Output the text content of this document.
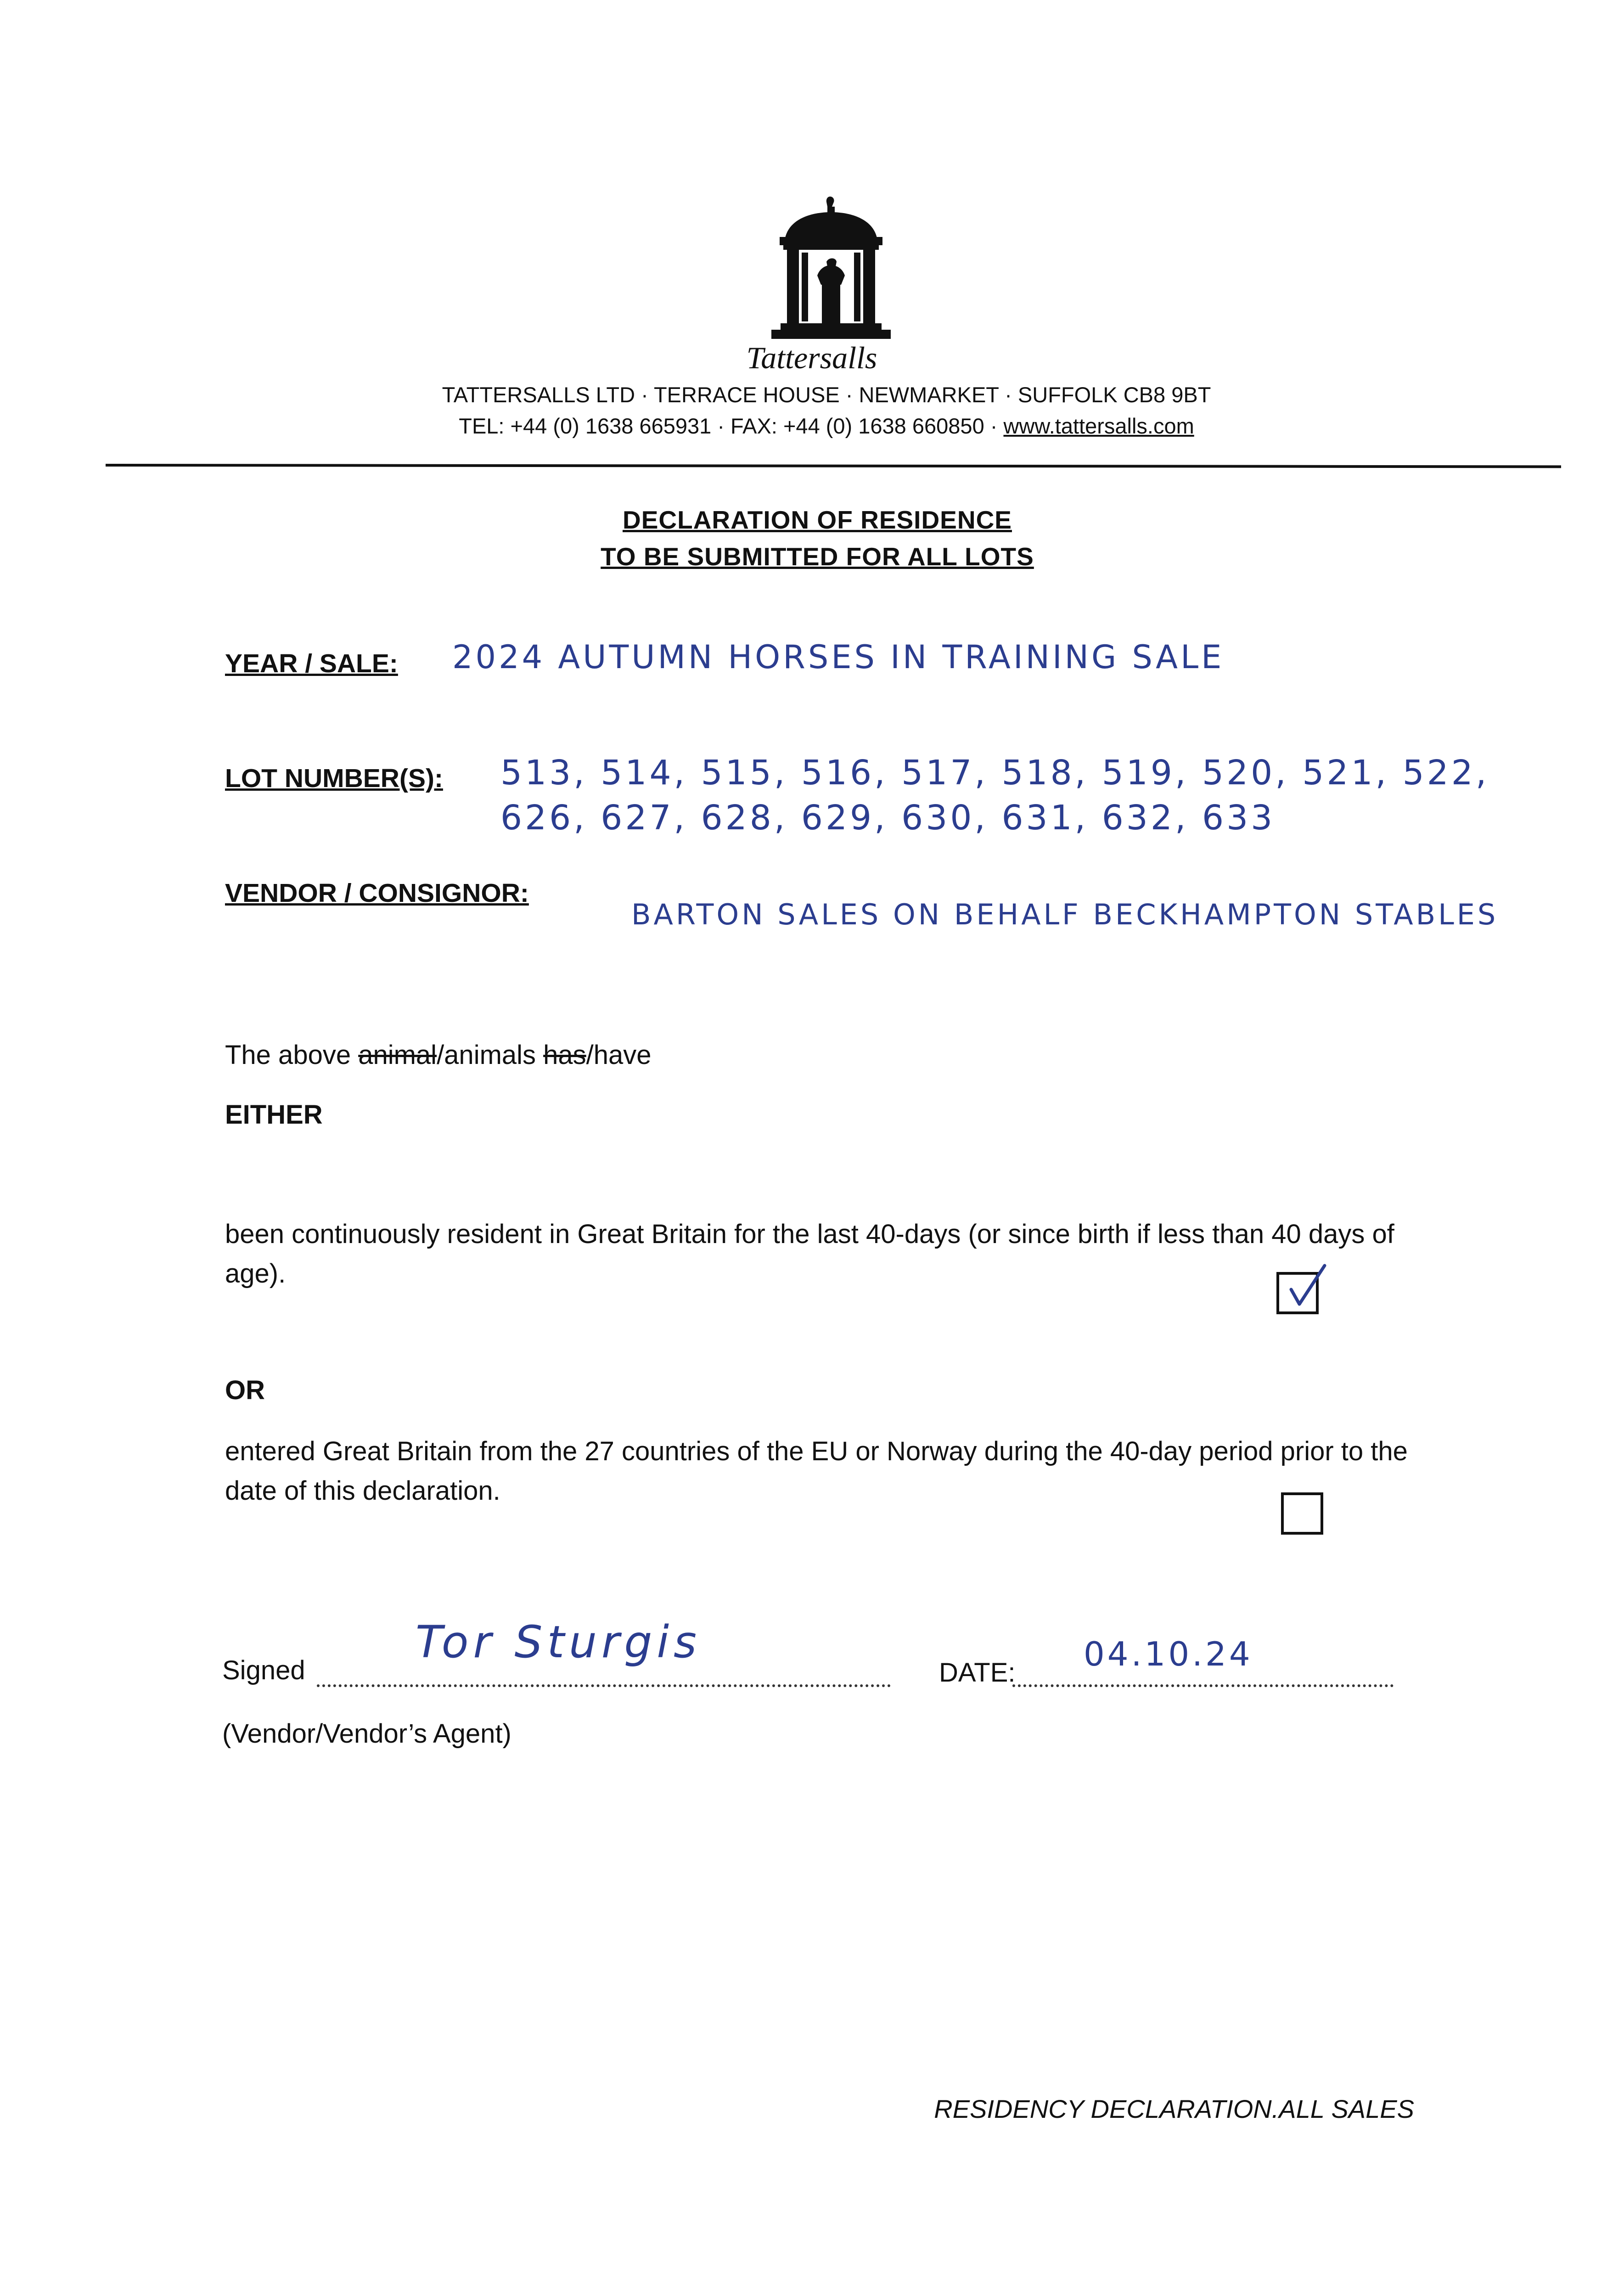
Tattersalls
TATTERSALLS LTD · TERRACE HOUSE · NEWMARKET · SUFFOLK CB8 9BT
TEL: +44 (0) 1638 665931 · FAX: +44 (0) 1638 660850 · www.tattersalls.com
DECLARATION OF RESIDENCE
TO BE SUBMITTED FOR ALL LOTS
YEAR / SALE: 2024 AUTUMN HORSES IN TRAINING SALE
LOT NUMBER(S): 513, 514, 515, 516, 517, 518, 519, 520, 521, 522,
626, 627, 628, 629, 630, 631, 632, 633
VENDOR / CONSIGNOR:
BARTON SALES ON BEHALF BECKHAMPTON STABLES
The above animal/animals has/have
EITHER
been continuously resident in Great Britain for the last 40-days (or since birth if less than 40 days of age).
OR
entered Great Britain from the 27 countries of the EU or Norway during the 40-day period prior to the date of this declaration.
Signed
Tor Sturgis
DATE: 04.10.24
(Vendor/Vendor’s Agent)
RESIDENCY DECLARATION.ALL SALES
